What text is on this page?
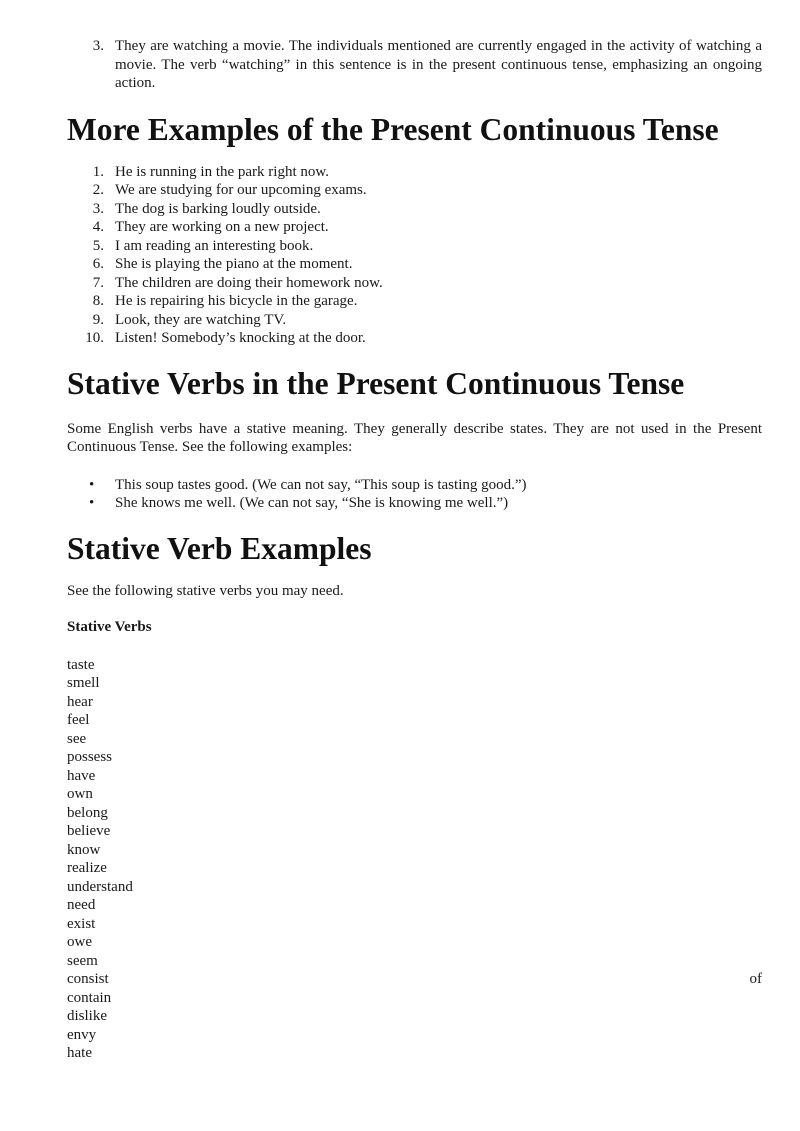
3. They are watching a movie. The individuals mentioned are currently engaged in the activity of watching a movie. The verb “watching” in this sentence is in the present continuous tense, emphasizing an ongoing action.
More Examples of the Present Continuous Tense
1. He is running in the park right now.
2. We are studying for our upcoming exams.
3. The dog is barking loudly outside.
4. They are working on a new project.
5. I am reading an interesting book.
6. She is playing the piano at the moment.
7. The children are doing their homework now.
8. He is repairing his bicycle in the garage.
9. Look, they are watching TV.
10. Listen! Somebody’s knocking at the door.
Stative Verbs in the Present Continuous Tense

Some English verbs have a stative meaning. They generally describe states. They are not used in the Present Continuous Tense. See the following examples:

• This soup tastes good. (We can not say, “This soup is tasting good.”)
• She knows me well. (We can not say, “She is knowing me well.”)
Stative Verb Examples

See the following stative verbs you may need.

Stative Verbs

taste
smell
hear
feel
see
possess
have
own
belong
believe
know
realize
understand
need
exist
owe
seem
consist	of
contain
dislike
envy
hate
